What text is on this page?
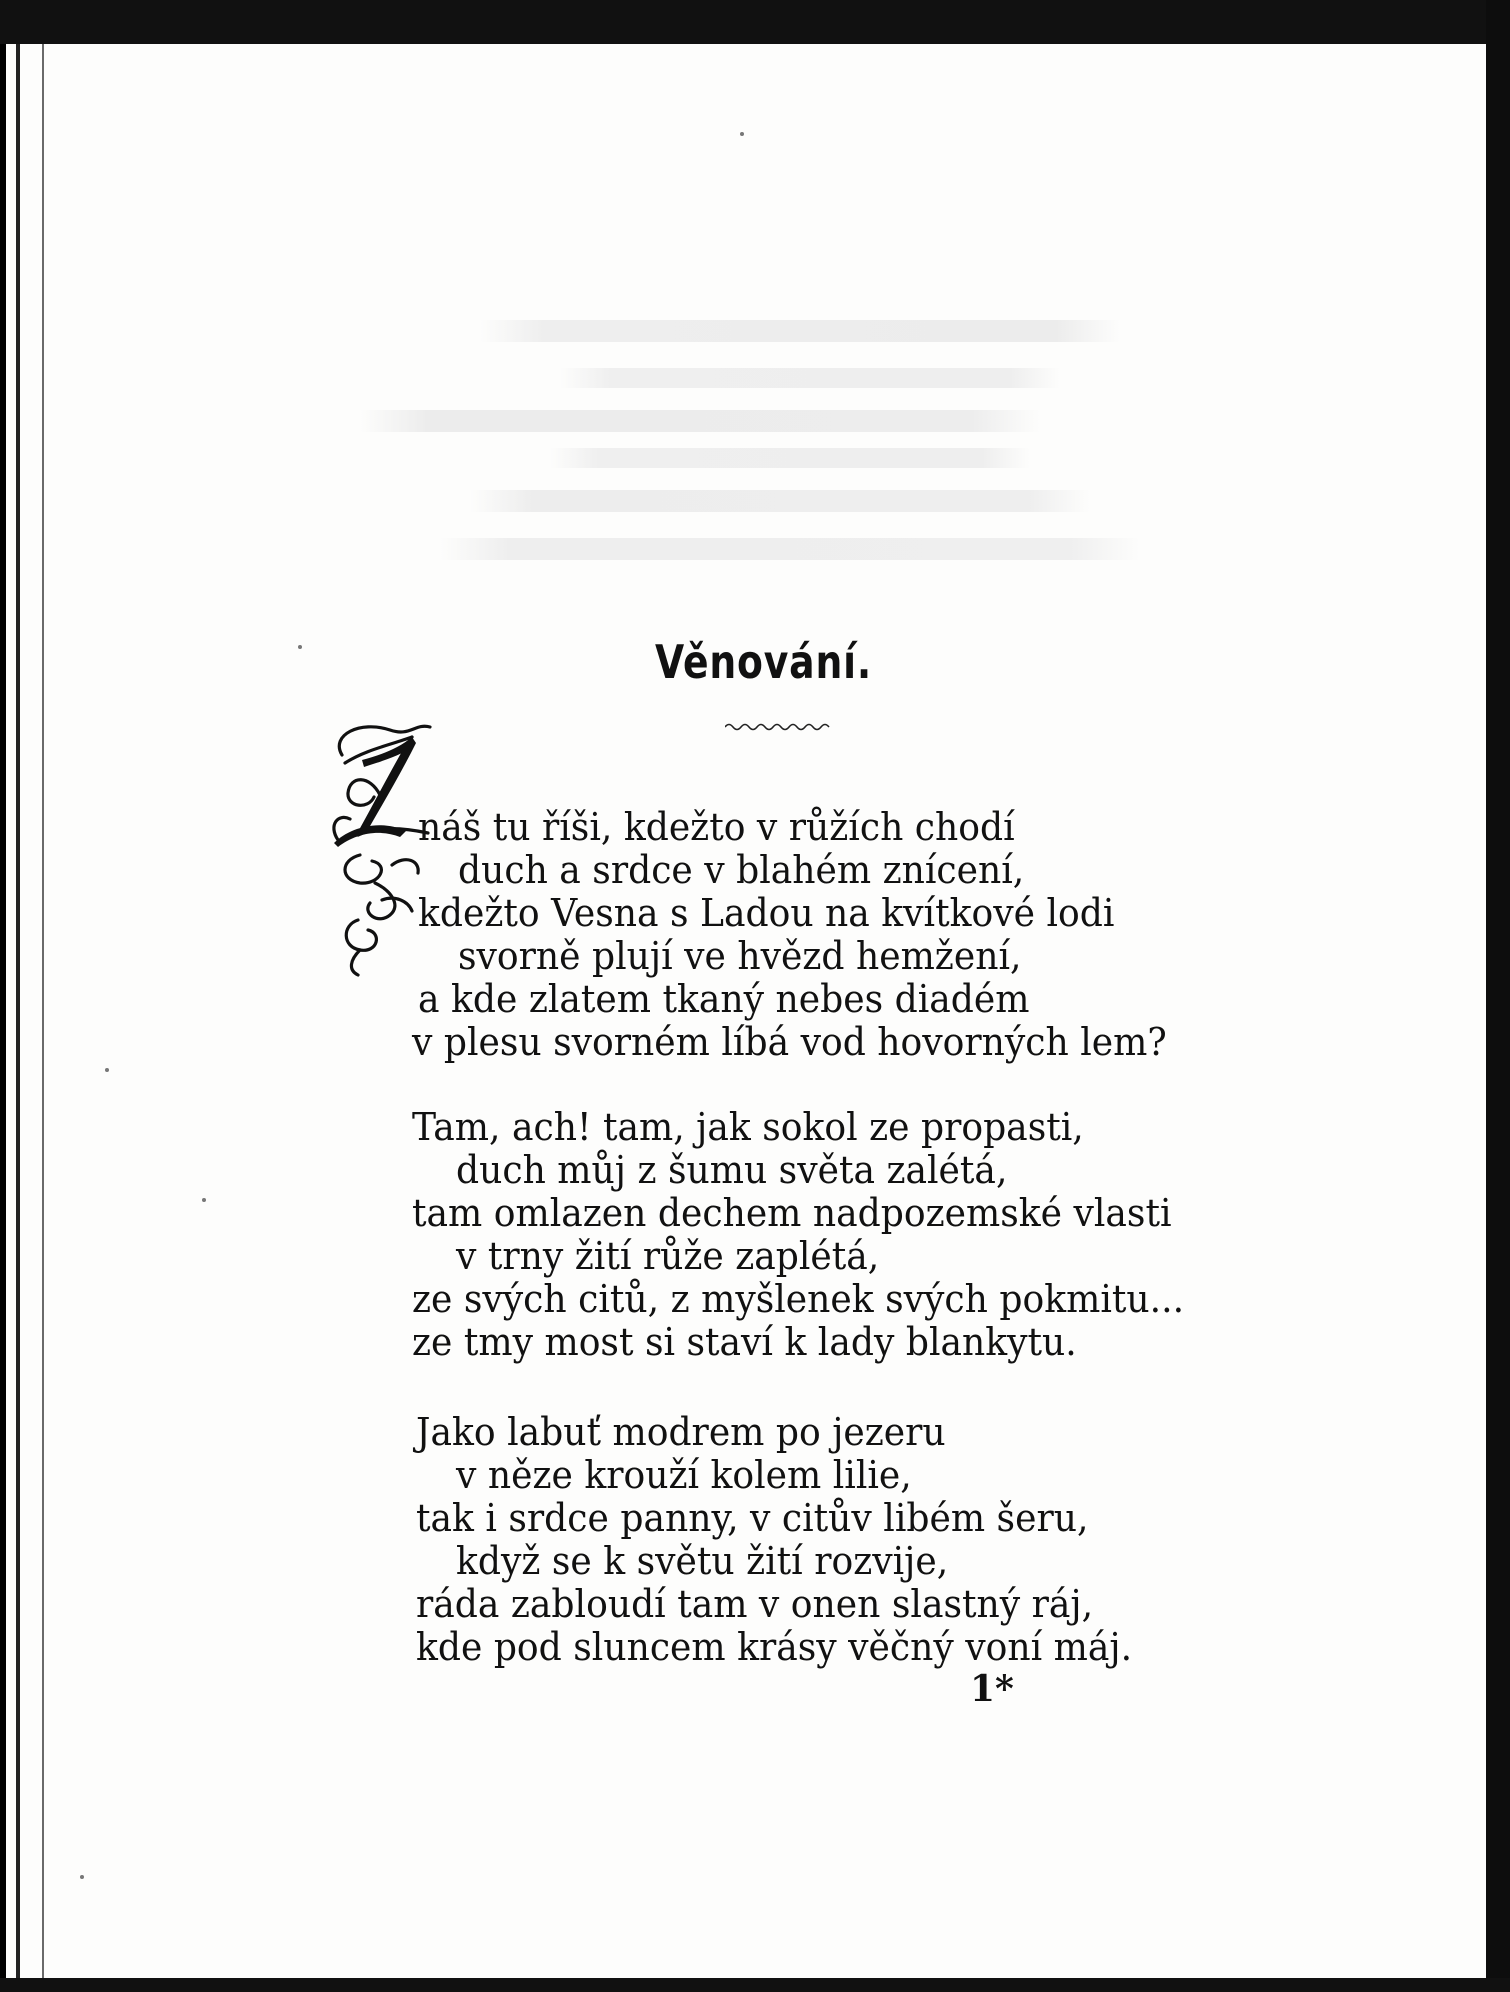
Věnování.
náš tu říši, kdežto v růžích chodí
duch a srdce v blahém znícení,
kdežto Vesna s Ladou na kvítkové lodi
svorně plují ve hvězd hemžení,
a kde zlatem tkaný nebes diadém
v plesu svorném líbá vod hovorných lem?
Tam, ach! tam, jak sokol ze propasti,
duch můj z šumu světa zalétá,
tam omlazen dechem nadpozemské vlasti
v trny žití růže zaplétá,
ze svých citů, z myšlenek svých pokmitu...
ze tmy most si staví k lady blankytu.
Jako labuť modrem po jezeru
v něze krouží kolem lilie,
tak i srdce panny, v citův libém šeru,
když se k světu žití rozvije,
ráda zabloudí tam v onen slastný ráj,
kde pod sluncem krásy věčný voní máj.
1*
